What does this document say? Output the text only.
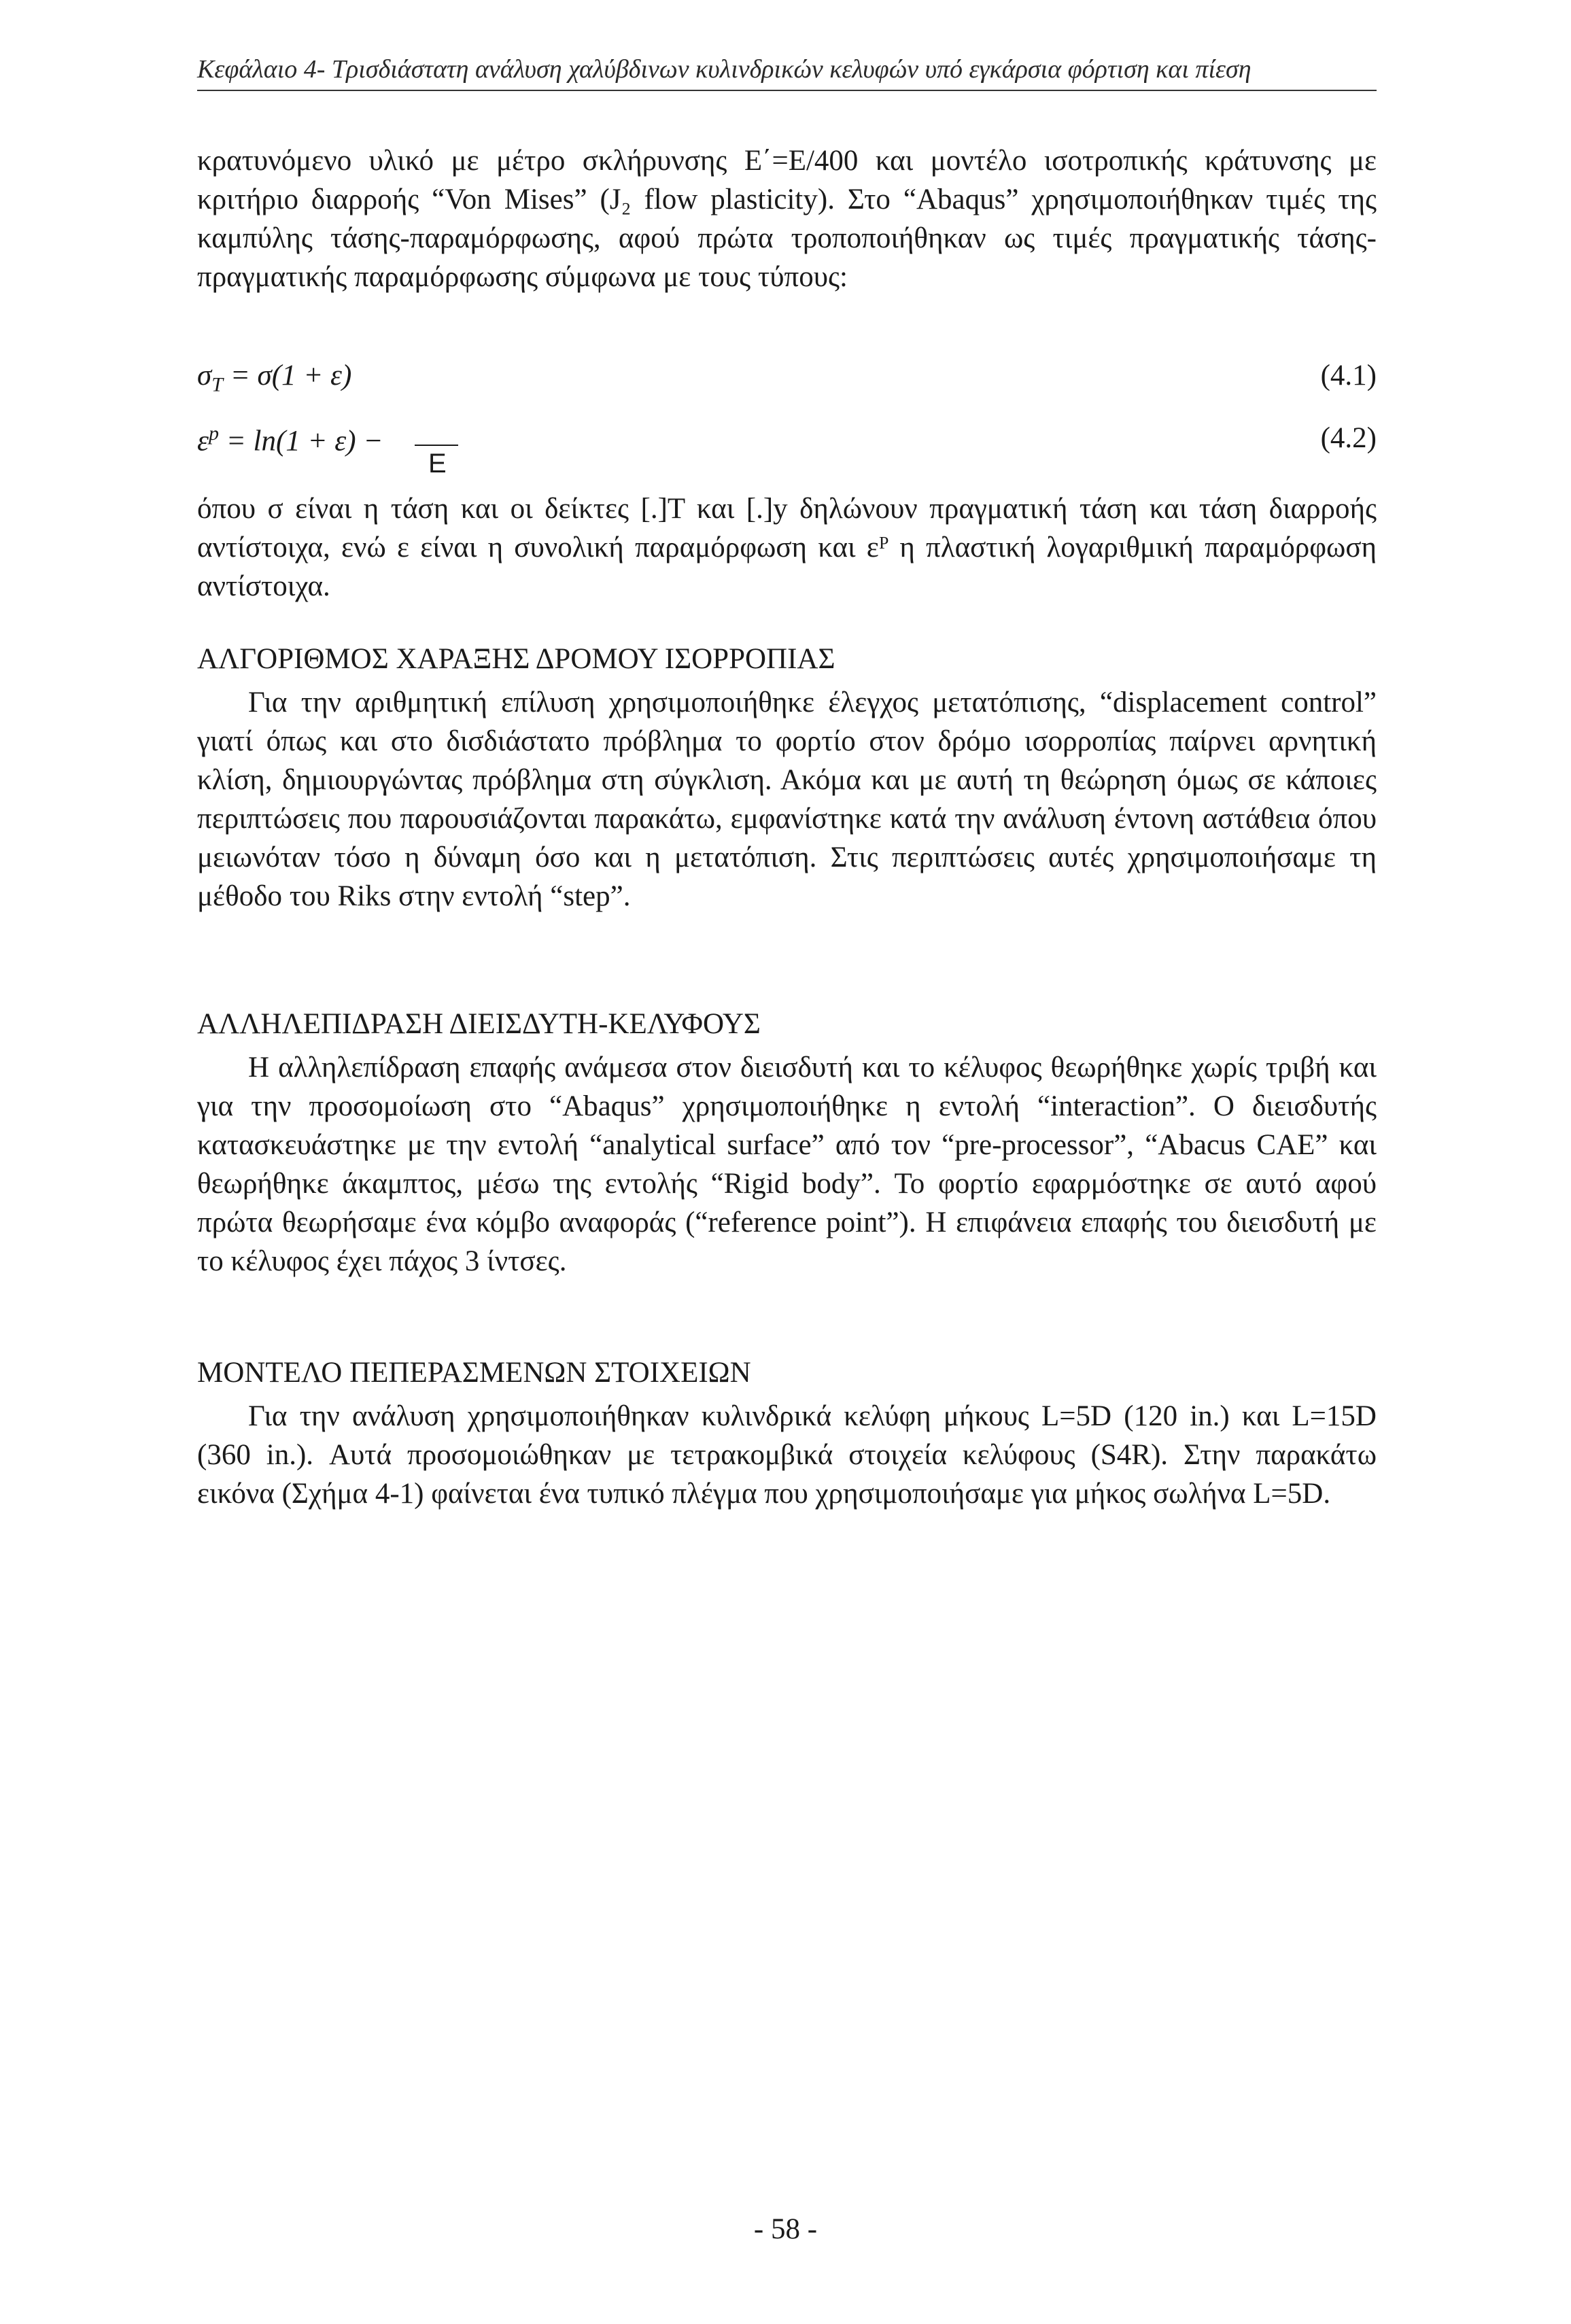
Κεφάλαιο 4- Τρισδιάστατη ανάλυση χαλύβδινων κυλινδρικών κελυφών υπό εγκάρσια φόρτιση και πίεση
κρατυνόμενο υλικό με μέτρο σκλήρυνσης E΄=E/400 και μοντέλο ισοτροπικής κράτυνσης με κριτήριο διαρροής “Von Mises” (J₂ flow plasticity). Στο “Abaqus” χρησιμοποιήθηκαν τιμές της καμπύλης τάσης-παραμόρφωσης, αφού πρώτα τροποποιήθηκαν ως τιμές πραγματικής τάσης-πραγματικής παραμόρφωσης σύμφωνα με τους τύπους:
$\sigma_T = \sigma(1 + \varepsilon)$	(4.1)
$\varepsilon^p = \ln(1 + \varepsilon)$ −
E
(4.2)
όπου σ είναι η τάση και οι δείκτες [.]T και [.]y δηλώνουν πραγματική τάση και τάση διαρροής αντίστοιχα, ενώ ε είναι η συνολική παραμόρφωση και εᴾ η πλαστική λογαριθμική παραμόρφωση αντίστοιχα.
ΑΛΓΟΡΙΘΜΟΣ ΧΑΡΑΞΗΣ ΔΡΟΜΟΥ ΙΣΟΡΡΟΠΙΑΣ
Για την αριθμητική επίλυση χρησιμοποιήθηκε έλεγχος μετατόπισης, “displacement control” γιατί όπως και στο δισδιάστατο πρόβλημα το φορτίο στον δρόμο ισορροπίας παίρνει αρνητική κλίση, δημιουργώντας πρόβλημα στη σύγκλιση. Ακόμα και με αυτή τη θεώρηση όμως σε κάποιες περιπτώσεις που παρουσιάζονται παρακάτω, εμφανίστηκε κατά την ανάλυση έντονη αστάθεια όπου μειωνόταν τόσο η δύναμη όσο και η μετατόπιση. Στις περιπτώσεις αυτές χρησιμοποιήσαμε τη μέθοδο του Riks στην εντολή “step”.
ΑΛΛΗΛΕΠΙΔΡΑΣΗ ΔΙΕΙΣΔΥΤΗ-ΚΕΛΥΦΟΥΣ
Η αλληλεπίδραση επαφής ανάμεσα στον διεισδυτή και το κέλυφος θεωρήθηκε χωρίς τριβή και για την προσομοίωση στο “Abaqus” χρησιμοποιήθηκε η εντολή “interaction”. Ο διεισδυτής κατασκευάστηκε με την εντολή “analytical surface” από τον “pre-processor”, “Abacus CAE” και θεωρήθηκε άκαμπτος, μέσω της εντολής “Rigid body”. Το φορτίο εφαρμόστηκε σε αυτό αφού πρώτα θεωρήσαμε ένα κόμβο αναφοράς (“reference point”). Η επιφάνεια επαφής του διεισδυτή με το κέλυφος έχει πάχος 3 ίντσες.
ΜΟΝΤΕΛΟ ΠΕΠΕΡΑΣΜΕΝΩΝ ΣΤΟΙΧΕΙΩΝ
Για την ανάλυση χρησιμοποιήθηκαν κυλινδρικά κελύφη μήκους L=5D (120 in.) και L=15D (360 in.). Αυτά προσομοιώθηκαν με τετρακομβικά στοιχεία κελύφους (S4R). Στην παρακάτω εικόνα (Σχήμα 4-1) φαίνεται ένα τυπικό πλέγμα που χρησιμοποιήσαμε για μήκος σωλήνα L=5D.
- 58 -
